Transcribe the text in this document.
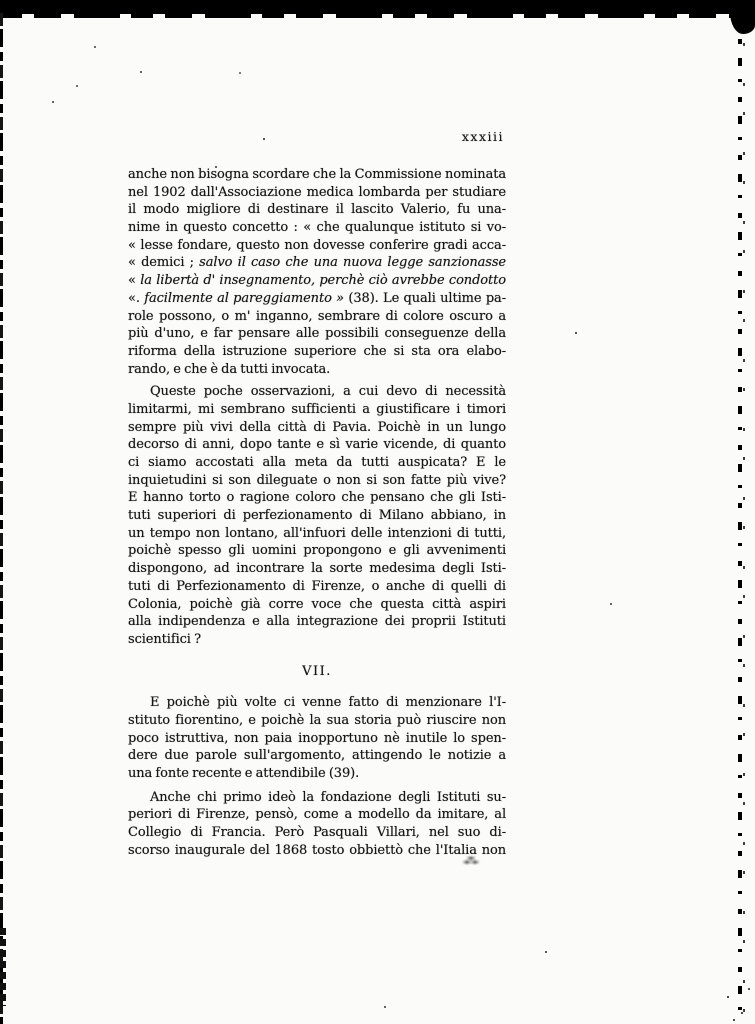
xxxiii
anche non bisogna scordare che la Commissione nominata
nel 1902 dall'Associazione medica lombarda per studiare
il modo migliore di destinare il lascito Valerio, fu una-
nime in questo concetto : « che qualunque istituto si vo-
« lesse fondare, questo non dovesse conferire gradi acca-
« demici ; salvo il caso che una nuova legge sanzionasse
« la libertà d' insegnamento, perchè ciò avrebbe condotto
«. facilmente al pareggiamento » (38). Le quali ultime pa-
role possono, o m' inganno, sembrare di colore oscuro a
più d'uno, e far pensare alle possibili conseguenze della
riforma della istruzione superiore che si sta ora elabo-
rando, e che è da tutti invocata.
Queste poche osservazioni, a cui devo di necessità
limitarmi, mi sembrano sufficienti a giustificare i timori
sempre più vivi della città di Pavia. Poichè in un lungo
decorso di anni, dopo tante e sì varie vicende, di quanto
ci siamo accostati alla meta da tutti auspicata? E le
inquietudini si son dileguate o non si son fatte più vive?
E hanno torto o ragione coloro che pensano che gli Isti-
tuti superiori di perfezionamento di Milano abbiano, in
un tempo non lontano, all'infuori delle intenzioni di tutti,
poichè spesso gli uomini propongono e gli avvenimenti
dispongono, ad incontrare la sorte medesima degli Isti-
tuti di Perfezionamento di Firenze, o anche di quelli di
Colonia, poichè già corre voce che questa città aspiri
alla indipendenza e alla integrazione dei proprii Istituti
scientifici ?
VII.
E poichè più volte ci venne fatto di menzionare l'I-
stituto fiorentino, e poichè la sua storia può riuscire non
poco istruttiva, non paia inopportuno nè inutile lo spen-
dere due parole sull'argomento, attingendo le notizie a
una fonte recente e attendibile (39).
Anche chi primo ideò la fondazione degli Istituti su-
periori di Firenze, pensò, come a modello da imitare, al
Collegio di Francia. Però Pasquali Villari, nel suo di-
scorso inaugurale del 1868 tosto obbiettò che l'Italia non
⁂
